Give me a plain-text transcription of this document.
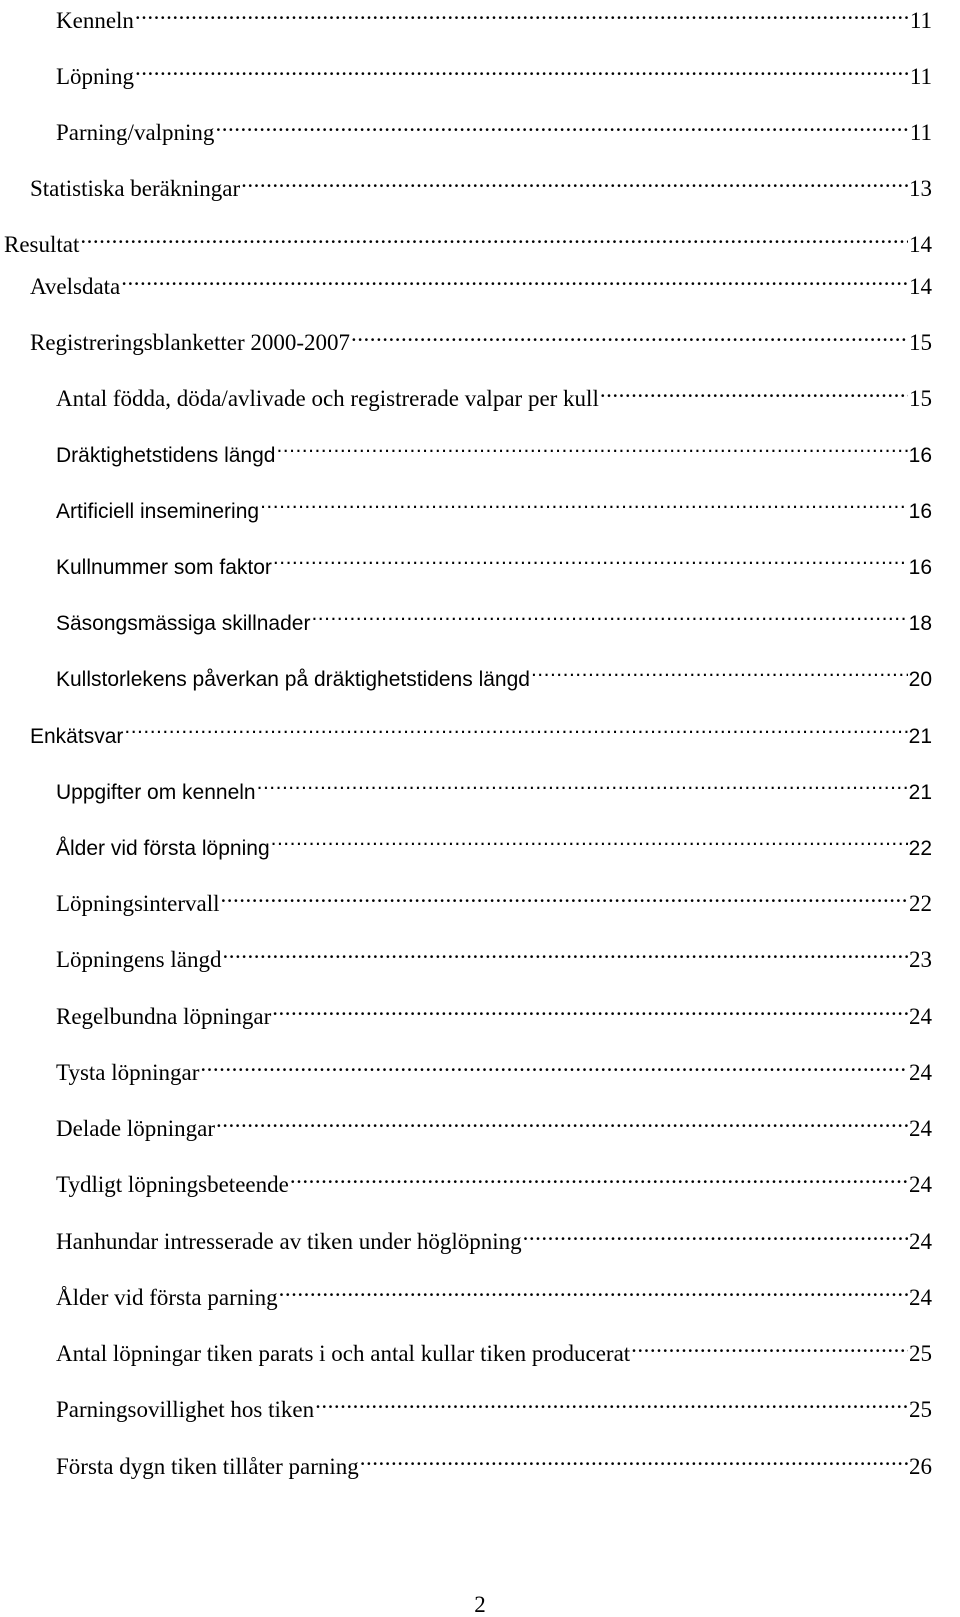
Kenneln .....	11
Löpning .....	11
Parning/valpning .....	11
Statistiska beräkningar .....	13
Resultat .....	14
Avelsdata .....	14
Registreringsblanketter 2000-2007 .....	15
Antal födda, döda/avlivade och registrerade valpar per kull .....	15
Dräktighetstidens längd .....	16
Artificiell inseminering .....	16
Kullnummer som faktor .....	16
Säsongsmässiga skillnader .....	18
Kullstorlekens påverkan på dräktighetstidens längd .....	20
Enkätsvar .....	21
Uppgifter om kenneln .....	21
Ålder vid första löpning .....	22
Löpningsintervall .....	22
Löpningens längd .....	23
Regelbundna löpningar .....	24
Tysta löpningar .....	24
Delade löpningar .....	24
Tydligt löpningsbeteende .....	24
Hanhundar intresserade av tiken under höglöpning .....	24
Ålder vid första parning .....	24
Antal löpningar tiken parats i och antal kullar tiken producerat .....	25
Parningsovillighet hos tiken .....	25
Första dygn tiken tillåter parning .....	26
2
